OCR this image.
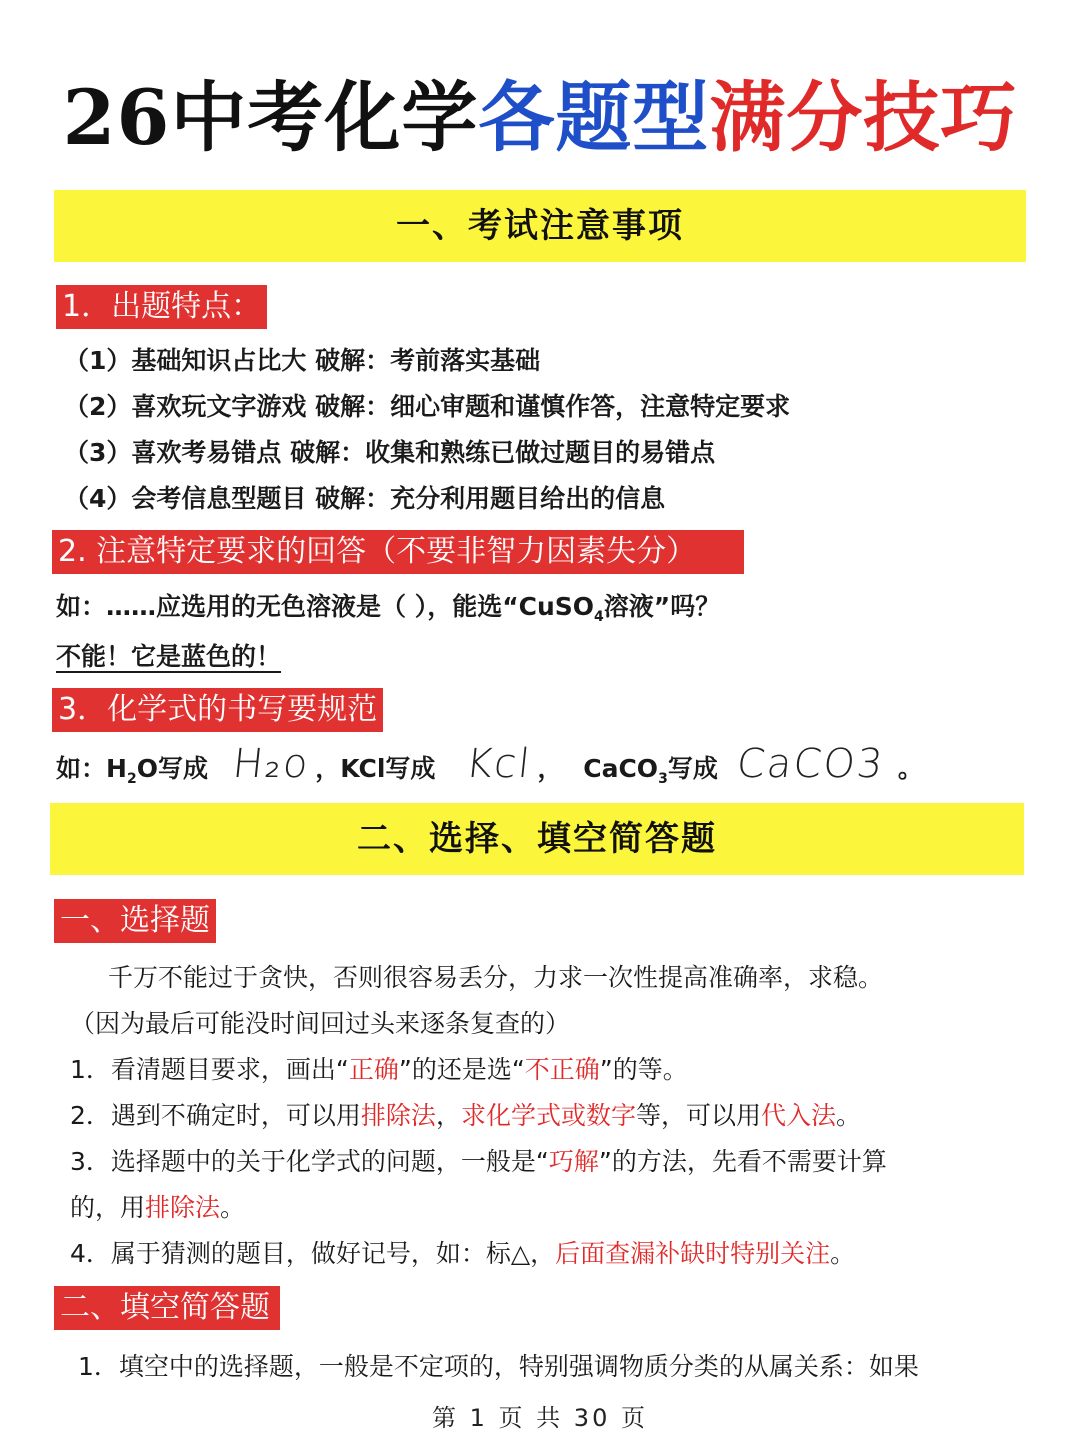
26中考化学各题型满分技巧
一、考试注意事项
1．出题特点：
（1）基础知识占比大 破解：考前落实基础
（2）喜欢玩文字游戏 破解：细心审题和谨慎作答，注意特定要求
（3）喜欢考易错点 破解：收集和熟练已做过题目的易错点
（4）会考信息型题目 破解：充分利用题目给出的信息
2. 注意特定要求的回答（不要非智力因素失分）
如：……应选用的无色溶液是（ ），能选“CuSO$_4$溶液”吗？
不能！它是蓝色的！
3．化学式的书写要规范
如：$H_2O$写成 H₂o ，KCl写成 Kcl ， CaCO$_3$写成 CaCO3 。
二、选择、填空简答题
一、选择题
千万不能过于贪快，否则很容易丢分，力求一次性提高准确率，求稳。
（因为最后可能没时间回过头来逐条复查的）
1．看清题目要求，画出“正确”的还是选“不正确”的等。
2．遇到不确定时，可以用排除法，求化学式或数字等，可以用代入法。
3．选择题中的关于化学式的问题，一般是“巧解”的方法，先看不需要计算
的，用排除法。
4．属于猜测的题目，做好记号，如：标△，后面查漏补缺时特别关注。
二、填空简答题
1．填空中的选择题，一般是不定项的，特别强调物质分类的从属关系：如果
第 1 页 共 30 页
